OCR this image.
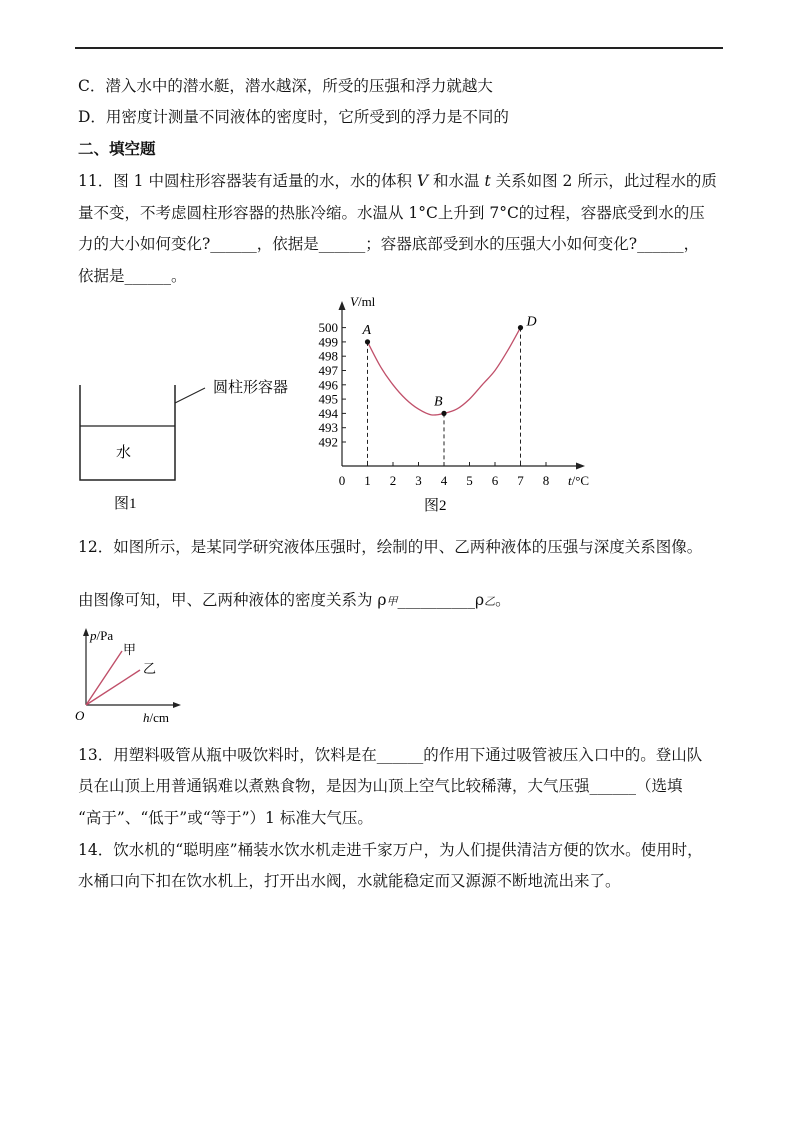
C．潜入水中的潜水艇，潜水越深，所受的压强和浮力就越大
D．用密度计测量不同液体的密度时，它所受到的浮力是不同的
二、填空题
11．图 1 中圆柱形容器装有适量的水，水的体积 V 和水温 t 关系如图 2 所示，此过程水的质
量不变，不考虑圆柱形容器的热胀冷缩。水温从 1°C上升到 7°C的过程，容器底受到水的压
力的大小如何变化?______，依据是______；容器底部受到水的压强大小如何变化?______，
依据是______。
圆柱形容器
水
图1
V/ml
t/°C
0 1 2 3 4 5 6 7 8
492
493
494
495
496
497
498
499
500 A
B
D
图2
12．如图所示，是某同学研究液体压强时，绘制的甲、乙两种液体的压强与深度关系图像。
由图像可知，甲、乙两种液体的密度关系为 ρ甲__________ρ乙。
甲
乙
p/Pa
h/cm
O
13．用塑料吸管从瓶中吸饮料时，饮料是在______的作用下通过吸管被压入口中的。登山队
员在山顶上用普通锅难以煮熟食物，是因为山顶上空气比较稀薄，大气压强______（选填
“高于”、“低于”或“等于”）1 标准大气压。
14．饮水机的“聪明座”桶装水饮水机走进千家万户，为人们提供清洁方便的饮水。使用时，
水桶口向下扣在饮水机上，打开出水阀，水就能稳定而又源源不断地流出来了。
